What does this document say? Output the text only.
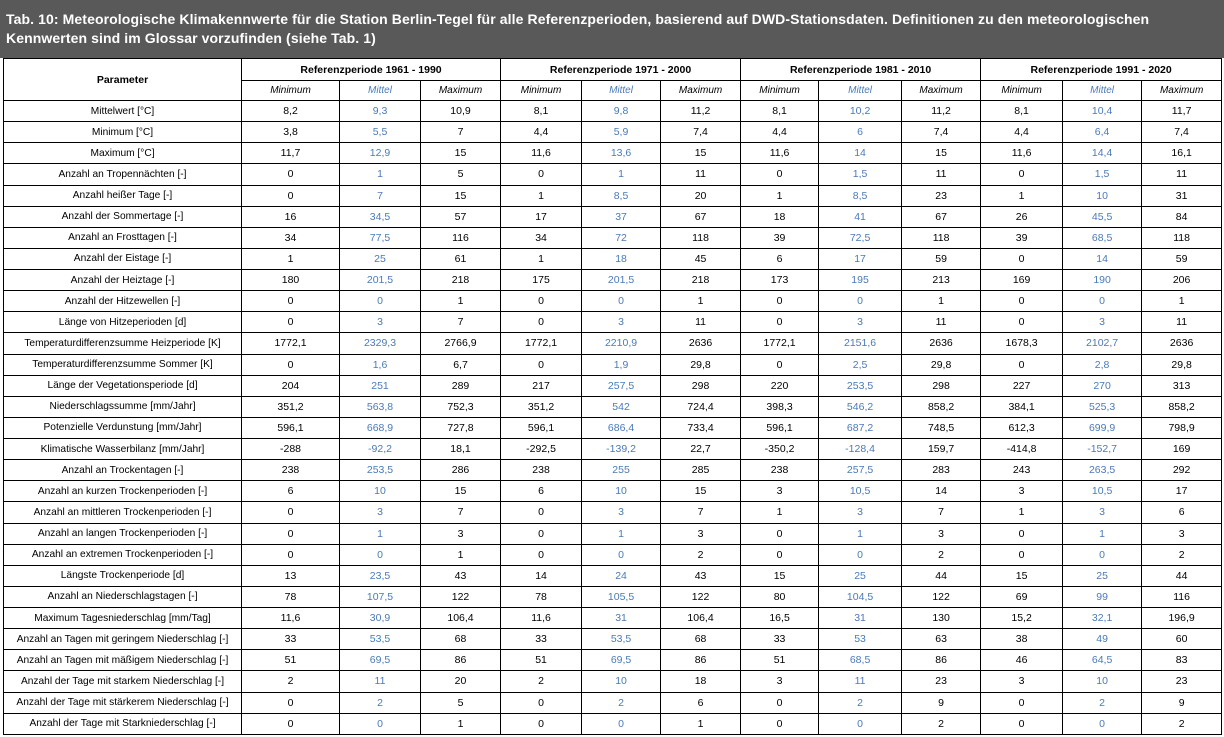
Tab. 10: Meteorologische Klimakennwerte für die Station Berlin-Tegel für alle Referenzperioden, basierend auf DWD-Stationsdaten. Definitionen zu den meteorologischen Kennwerten sind im Glossar vorzufinden (siehe Tab. 1)
Parameter	Referenzperiode 1961 - 1990			Referenzperiode 1971 - 2000			Referenzperiode 1981 - 2010			Referenzperiode 1991 - 2020		
	Minimum	Mittel	Maximum	Minimum	Mittel	Maximum	Minimum	Mittel	Maximum	Minimum	Mittel	Maximum
Mittelwert [°C]	8,2	9,3	10,9	8,1	9,8	11,2	8,1	10,2	11,2	8,1	10,4	11,7
Minimum [°C]	3,8	5,5	7	4,4	5,9	7,4	4,4	6	7,4	4,4	6,4	7,4
Maximum [°C]	11,7	12,9	15	11,6	13,6	15	11,6	14	15	11,6	14,4	16,1
Anzahl an Tropennächten [-]	0	1	5	0	1	11	0	1,5	11	0	1,5	11
Anzahl heißer Tage [-]	0	7	15	1	8,5	20	1	8,5	23	1	10	31
Anzahl der Sommertage [-]	16	34,5	57	17	37	67	18	41	67	26	45,5	84
Anzahl an Frosttagen [-]	34	77,5	116	34	72	118	39	72,5	118	39	68,5	118
Anzahl der Eistage [-]	1	25	61	1	18	45	6	17	59	0	14	59
Anzahl der Heiztage [-]	180	201,5	218	175	201,5	218	173	195	213	169	190	206
Anzahl der Hitzewellen [-]	0	0	1	0	0	1	0	0	1	0	0	1
Länge von Hitzeperioden [d]	0	3	7	0	3	11	0	3	11	0	3	11
Temperaturdifferenzsumme Heizperiode [K]	1772,1	2329,3	2766,9	1772,1	2210,9	2636	1772,1	2151,6	2636	1678,3	2102,7	2636
Temperaturdifferenzsumme Sommer [K]	0	1,6	6,7	0	1,9	29,8	0	2,5	29,8	0	2,8	29,8
Länge der Vegetationsperiode [d]	204	251	289	217	257,5	298	220	253,5	298	227	270	313
Niederschlagssumme [mm/Jahr]	351,2	563,8	752,3	351,2	542	724,4	398,3	546,2	858,2	384,1	525,3	858,2
Potenzielle Verdunstung [mm/Jahr]	596,1	668,9	727,8	596,1	686,4	733,4	596,1	687,2	748,5	612,3	699,9	798,9
Klimatische Wasserbilanz [mm/Jahr]	-288	-92,2	18,1	-292,5	-139,2	22,7	-350,2	-128,4	159,7	-414,8	-152,7	169
Anzahl an Trockentagen [-]	238	253,5	286	238	255	285	238	257,5	283	243	263,5	292
Anzahl an kurzen Trockenperioden [-]	6	10	15	6	10	15	3	10,5	14	3	10,5	17
Anzahl an mittleren Trockenperioden [-]	0	3	7	0	3	7	1	3	7	1	3	6
Anzahl an langen Trockenperioden [-]	0	1	3	0	1	3	0	1	3	0	1	3
Anzahl an extremen Trockenperioden [-]	0	0	1	0	0	2	0	0	2	0	0	2
Längste Trockenperiode [d]	13	23,5	43	14	24	43	15	25	44	15	25	44
Anzahl an Niederschlagstagen [-]	78	107,5	122	78	105,5	122	80	104,5	122	69	99	116
Maximum Tagesniederschlag [mm/Tag]	11,6	30,9	106,4	11,6	31	106,4	16,5	31	130	15,2	32,1	196,9
Anzahl an Tagen mit geringem Niederschlag [-]	33	53,5	68	33	53,5	68	33	53	63	38	49	60
Anzahl an Tagen mit mäßigem Niederschlag [-]	51	69,5	86	51	69,5	86	51	68,5	86	46	64,5	83
Anzahl der Tage mit starkem Niederschlag [-]	2	11	20	2	10	18	3	11	23	3	10	23
Anzahl der Tage mit stärkerem Niederschlag [-]	0	2	5	0	2	6	0	2	9	0	2	9
Anzahl der Tage mit Starkniederschlag [-]	0	0	1	0	0	1	0	0	2	0	0	2
